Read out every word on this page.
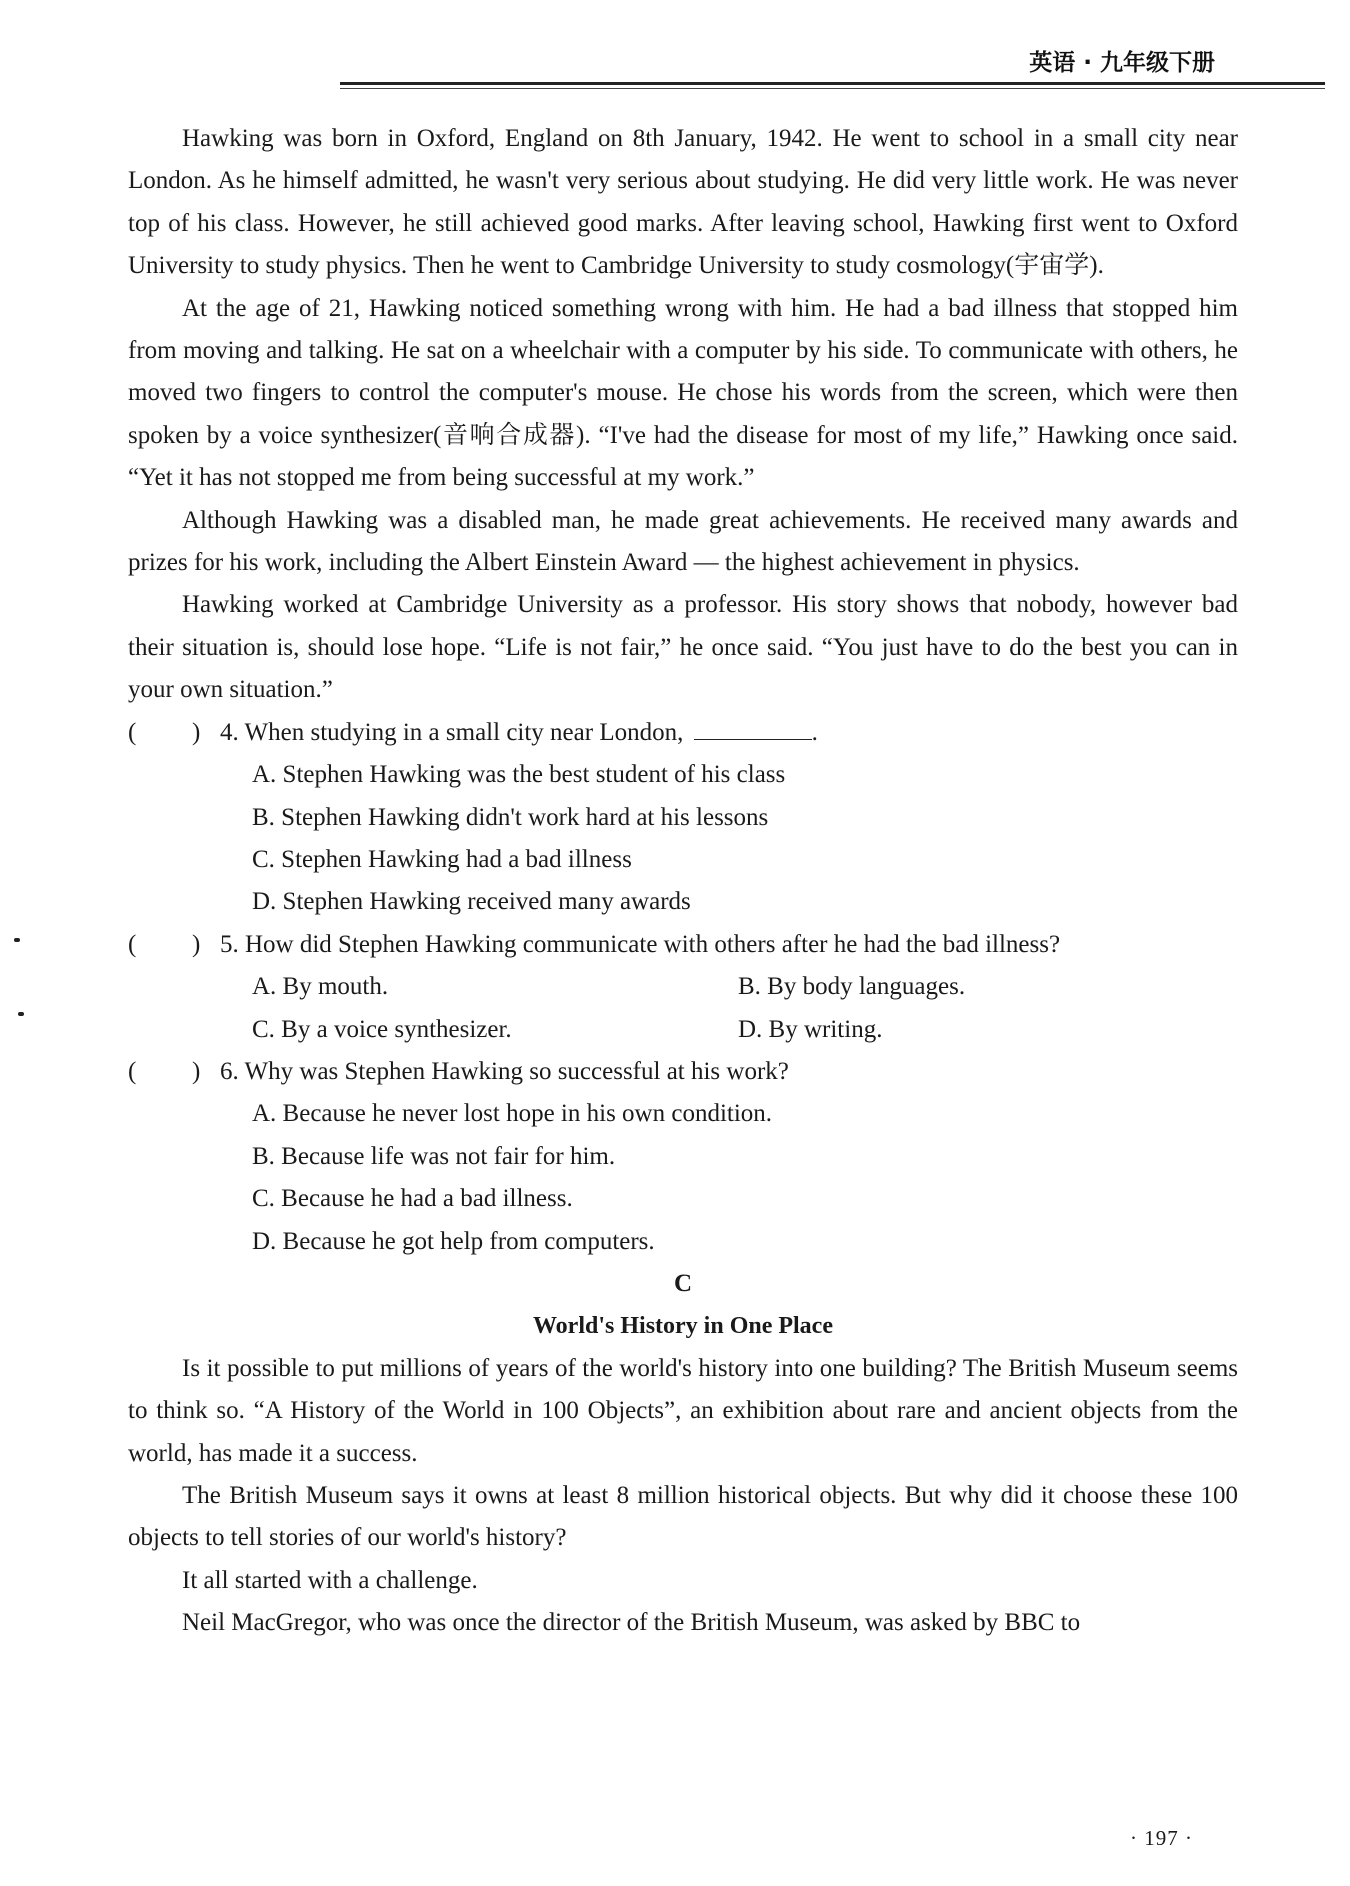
英语 · 九年级下册

Hawking was born in Oxford, England on 8th January, 1942. He went to school in a small city near London. As he himself admitted, he wasn't very serious about studying. He did very little work. He was never top of his class. However, he still achieved good marks. After leaving school, Hawking first went to Oxford University to study physics. Then he went to Cambridge University to study cosmology(宇宙学).

At the age of 21, Hawking noticed something wrong with him. He had a bad illness that stopped him from moving and talking. He sat on a wheelchair with a computer by his side. To communicate with others, he moved two fingers to control the computer's mouse. He chose his words from the screen, which were then spoken by a voice synthesizer(音响合成器). “I've had the disease for most of my life,” Hawking once said. “Yet it has not stopped me from being successful at my work.”

Although Hawking was a disabled man, he made great achievements. He received many awards and prizes for his work, including the Albert Einstein Award — the highest achievement in physics.

Hawking worked at Cambridge University as a professor. His story shows that nobody, however bad their situation is, should lose hope. “Life is not fair,” he once said. “You just have to do the best you can in your own situation.”

( ) 4. When studying in a small city near London,	.

A. Stephen Hawking was the best student of his class

B. Stephen Hawking didn't work hard at his lessons

C. Stephen Hawking had a bad illness

D. Stephen Hawking received many awards

( ) 5. How did Stephen Hawking communicate with others after he had the bad illness?

A. By mouth.	B. By body languages.
C. By a voice synthesizer.	D. By writing.

( ) 6. Why was Stephen Hawking so successful at his work?

A. Because he never lost hope in his own condition.

B. Because life was not fair for him.

C. Because he had a bad illness.

D. Because he got help from computers.

C

World's History in One Place

Is it possible to put millions of years of the world's history into one building? The British Museum seems to think so. “A History of the World in 100 Objects”, an exhibition about rare and ancient objects from the world, has made it a success.

The British Museum says it owns at least 8 million historical objects. But why did it choose these 100 objects to tell stories of our world's history?

It all started with a challenge.

Neil MacGregor, who was once the director of the British Museum, was asked by BBC to

· 197 ·
